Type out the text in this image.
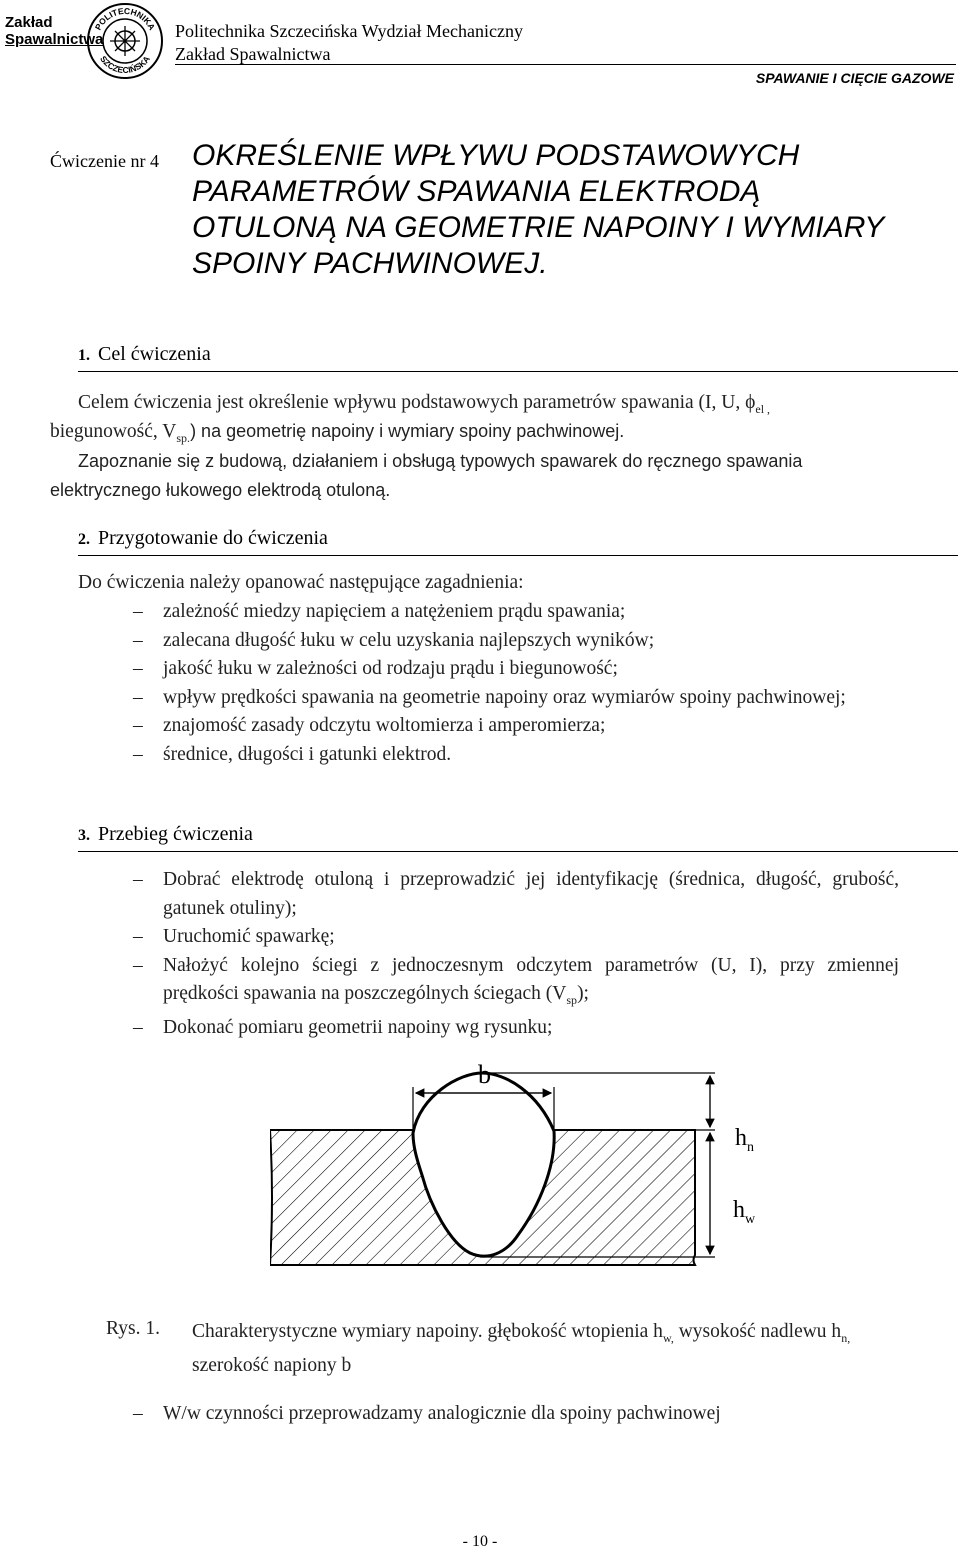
Zakład
Spawalnictwa
POLITECHNIKA
SZCZECIŃSKA
Politechnika Szczecińska Wydział Mechaniczny
Zakład Spawalnictwa
SPAWANIE I CIĘCIE GAZOWE
Ćwiczenie nr 4 OKREŚLENIE WPŁYWU PODSTAWOWYCH
PARAMETRÓW SPAWANIA ELEKTRODĄ
OTULONĄ NA GEOMETRIE NAPOINY I WYMIARY
SPOINY PACHWINOWEJ.
1. Cel ćwiczenia
Celem ćwiczenia jest określenie wpływu podstawowych parametrów spawania (I, U, $\phi_{el ,}$
biegunowość, $V_{sp.}$) na geometrię napoiny i wymiary spoiny pachwinowej.
Zapoznanie się z budową, działaniem i obsługą typowych spawarek do ręcznego spawania
elektrycznego łukowego elektrodą otuloną.
2. Przygotowanie do ćwiczenia
Do ćwiczenia należy opanować następujące zagadnienia:
– zależność miedzy napięciem a natężeniem prądu spawania;
– zalecana długość łuku w celu uzyskania najlepszych wyników;
– jakość łuku w zależności od rodzaju prądu i biegunowość;
– wpływ prędkości spawania na geometrie napoiny oraz wymiarów spoiny pachwinowej;
– znajomość zasady odczytu woltomierza i amperomierza;
– średnice, długości i gatunki elektrod.
3. Przebieg ćwiczenia
– Dobrać elektrodę otuloną i przeprowadzić jej identyfikację (średnica, długość, grubość, gatunek otuliny);
– Uruchomić spawarkę;
– Nałożyć kolejno ściegi z jednoczesnym odczytem parametrów (U, I), przy zmiennej prędkości spawania na poszczególnych ściegach $(V_{sp})$;
– Dokonać pomiaru geometrii napoiny wg rysunku;
b
$h_n$
$h_w$
Rys. 1. Charakterystyczne wymiary napoiny. głębokość wtopienia $h_{w,}$ wysokość nadlewu $h_{n,}$ szerokość napiony b
– W/w czynności przeprowadzamy analogicznie dla spoiny pachwinowej
- 10 -
